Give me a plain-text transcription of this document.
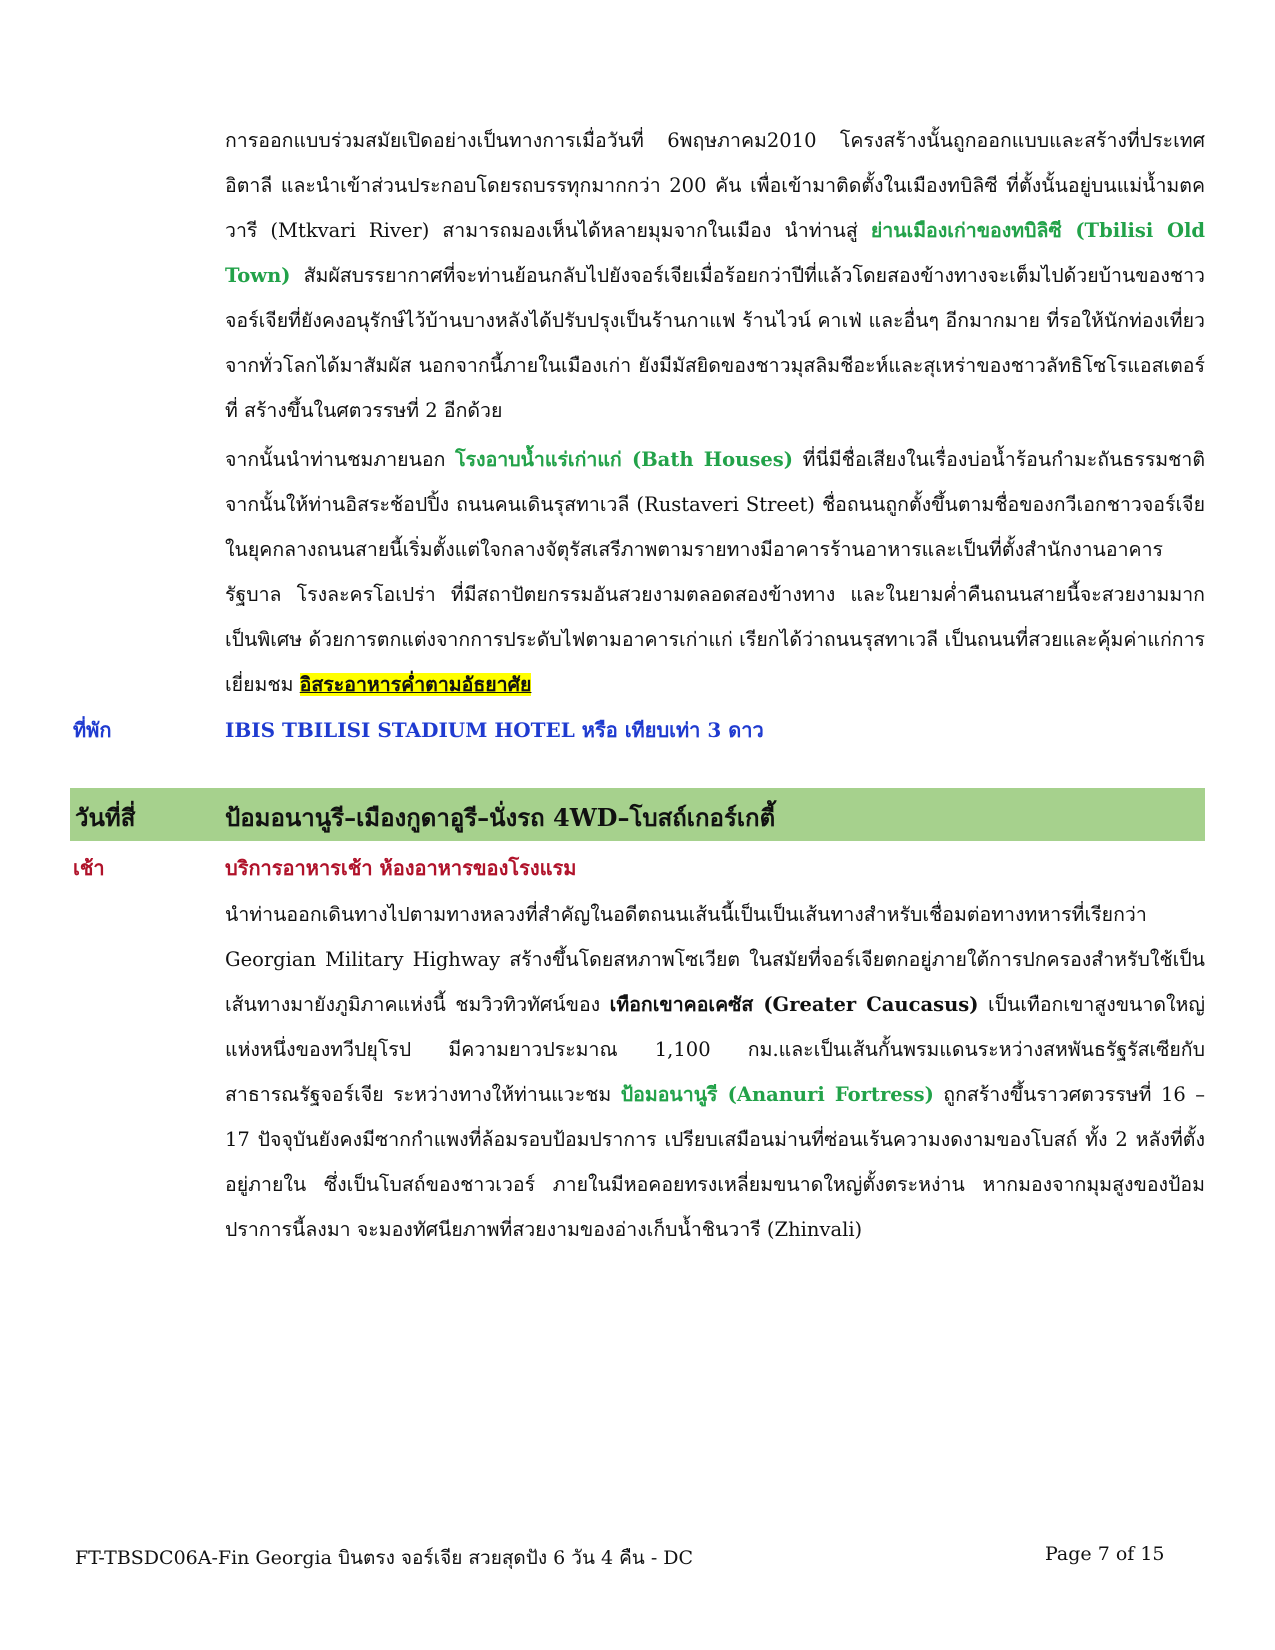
การออกแบบร่วมสมัยเปิดอย่างเป็นทางการเมื่อวันที่ 6พฤษภาคม2010 โครงสร้างนั้นถูกออกแบบและสร้างที่ประเทศอิตาลี และนำเข้าส่วนประกอบโดยรถบรรทุกมากกว่า 200 คัน เพื่อเข้ามาติดตั้งในเมืองทบิลิซี ที่ตั้งนั้นอยู่บนแม่น้ำมตควารี (Mtkvari River) สามารถมองเห็นได้หลายมุมจากในเมือง นำท่านสู่ ย่านเมืองเก่าของทบิลิซี (Tbilisi Old Town) สัมผัสบรรยากาศที่จะท่านย้อนกลับไปยังจอร์เจียเมื่อร้อยกว่าปีที่แล้วโดยสองข้างทางจะเต็มไปด้วยบ้านของชาวจอร์เจียที่ยังคงอนุรักษ์ไว้บ้านบางหลังได้ปรับปรุงเป็นร้านกาแฟ ร้านไวน์ คาเฟ่ และอื่นๆ อีกมากมาย ที่รอให้นักท่องเที่ยวจากทั่วโลกได้มาสัมผัส นอกจากนี้ภายในเมืองเก่า ยังมีมัสยิดของชาวมุสลิมชีอะห์และสุเหร่าของชาวลัทธิโซโรแอสเตอร์ที่ สร้างขึ้นในศตวรรษที่ 2 อีกด้วย

จากนั้นนำท่านชมภายนอก โรงอาบน้ำแร่เก่าแก่ (Bath Houses) ที่นี่มีชื่อเสียงในเรื่องบ่อน้ำร้อนกำมะถันธรรมชาติ จากนั้นให้ท่านอิสระช้อปปิ้ง ถนนคนเดินรุสทาเวลี (Rustaveri Street) ชื่อถนนถูกตั้งขึ้นตามชื่อของกวีเอกชาวจอร์เจียในยุคกลางถนนสายนี้เริ่มตั้งแต่ใจกลางจัตุรัสเสรีภาพตามรายทางมีอาคารร้านอาหารและเป็นที่ตั้งสำนักงานอาคารรัฐบาล โรงละครโอเปร่า ที่มีสถาปัตยกรรมอันสวยงามตลอดสองข้างทาง และในยามค่ำคืนถนนสายนี้จะสวยงามมากเป็นพิเศษ ด้วยการตกแต่งจากการประดับไฟตามอาคารเก่าแก่ เรียกได้ว่าถนนรุสทาเวลี เป็นถนนที่สวยและคุ้มค่าแก่การเยี่ยมชม อิสระอาหารค่ำตามอัธยาศัย

ที่พัก	IBIS TBILISI STADIUM HOTEL หรือ เทียบเท่า 3 ดาว
วันที่สี่	ป้อมอนานูรี–เมืองกูดาอูรี–นั่งรถ 4WD–โบสถ์เกอร์เกตี้
เช้า	บริการอาหารเช้า ห้องอาหารของโรงแรม

นำท่านออกเดินทางไปตามทางหลวงที่สำคัญในอดีตถนนเส้นนี้เป็นเป็นเส้นทางสำหรับเชื่อมต่อทางทหารที่เรียกว่า Georgian Military Highway สร้างขึ้นโดยสหภาพโซเวียต ในสมัยที่จอร์เจียตกอยู่ภายใต้การปกครองสำหรับใช้เป็นเส้นทางมายังภูมิภาคแห่งนี้ ชมวิวทิวทัศน์ของ เทือกเขาคอเคซัส (Greater Caucasus) เป็นเทือกเขาสูงขนาดใหญ่แห่งหนึ่งของทวีปยุโรป มีความยาวประมาณ 1,100 กม.และเป็นเส้นกั้นพรมแดนระหว่างสหพันธรัฐรัสเซียกับสาธารณรัฐจอร์เจีย ระหว่างทางให้ท่านแวะชม ป้อมอนานูรี (Ananuri Fortress) ถูกสร้างขึ้นราวศตวรรษที่ 16 – 17 ปัจจุบันยังคงมีซากกำแพงที่ล้อมรอบป้อมปราการ เปรียบเสมือนม่านที่ซ่อนเร้นความงดงามของโบสถ์ ทั้ง 2 หลังที่ตั้งอยู่ภายใน ซึ่งเป็นโบสถ์ของชาวเวอร์ ภายในมีหอคอยทรงเหลี่ยมขนาดใหญ่ตั้งตระหง่าน หากมองจากมุมสูงของป้อมปราการนี้ลงมา จะมองทัศนียภาพที่สวยงามของอ่างเก็บน้ำชินวารี (Zhinvali)

FT-TBSDC06A-Fin Georgia บินตรง จอร์เจีย สวยสุดปัง 6 วัน 4 คืน - DC	Page 7 of 15
